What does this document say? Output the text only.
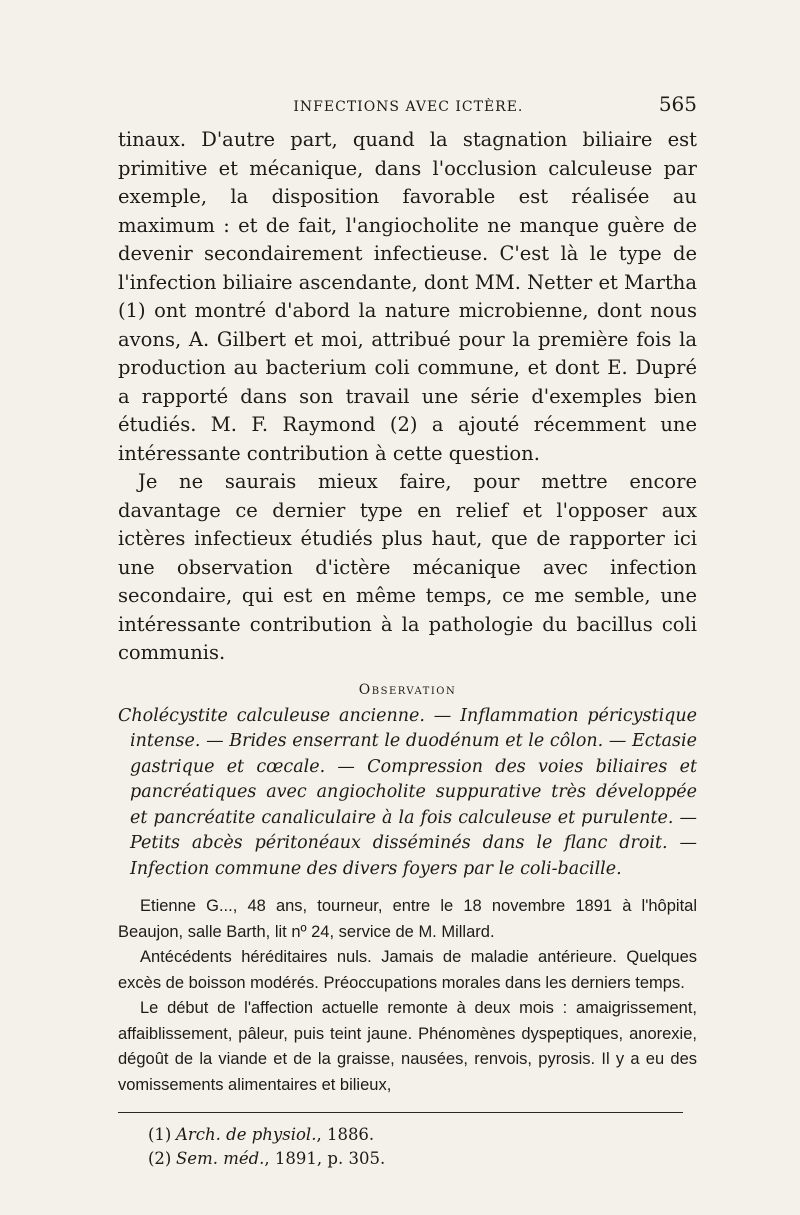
INFECTIONS AVEC ICTÈRE.	565

tinaux. D'autre part, quand la stagnation biliaire est primitive et mécanique, dans l'occlusion calculeuse par exemple, la disposition favorable est réalisée au maximum : et de fait, l'angiocholite ne manque guère de devenir secondairement infectieuse. C'est là le type de l'infection biliaire ascendante, dont MM. Netter et Martha (1) ont montré d'abord la nature microbienne, dont nous avons, A. Gilbert et moi, attribué pour la première fois la production au bacterium coli commune, et dont E. Dupré a rapporté dans son travail une série d'exemples bien étudiés. M. F. Raymond (2) a ajouté récemment une intéressante contribution à cette question.

Je ne saurais mieux faire, pour mettre encore davantage ce dernier type en relief et l'opposer aux ictères infectieux étudiés plus haut, que de rapporter ici une observation d'ictère mécanique avec infection secondaire, qui est en même temps, ce me semble, une intéressante contribution à la pathologie du bacillus coli communis.

Observation

Cholécystite calculeuse ancienne. — Inflammation péricystique intense. — Brides enserrant le duodénum et le côlon. — Ectasie gastrique et cœcale. — Compression des voies biliaires et pancréatiques avec angiocholite suppurative très développée et pancréatite canaliculaire à la fois calculeuse et purulente. — Petits abcès péritonéaux disséminés dans le flanc droit. — Infection commune des divers foyers par le coli-bacille.

Etienne G..., 48 ans, tourneur, entre le 18 novembre 1891 à l'hôpital Beaujon, salle Barth, lit nº 24, service de M. Millard.

Antécédents héréditaires nuls. Jamais de maladie antérieure. Quelques excès de boisson modérés. Préoccupations morales dans les derniers temps.

Le début de l'affection actuelle remonte à deux mois : amaigrissement, affaiblissement, pâleur, puis teint jaune. Phénomènes dyspeptiques, anorexie, dégoût de la viande et de la graisse, nausées, renvois, pyrosis. Il y a eu des vomissements alimentaires et bilieux,

(1) Arch. de physiol., 1886.
(2) Sem. méd., 1891, p. 305.
